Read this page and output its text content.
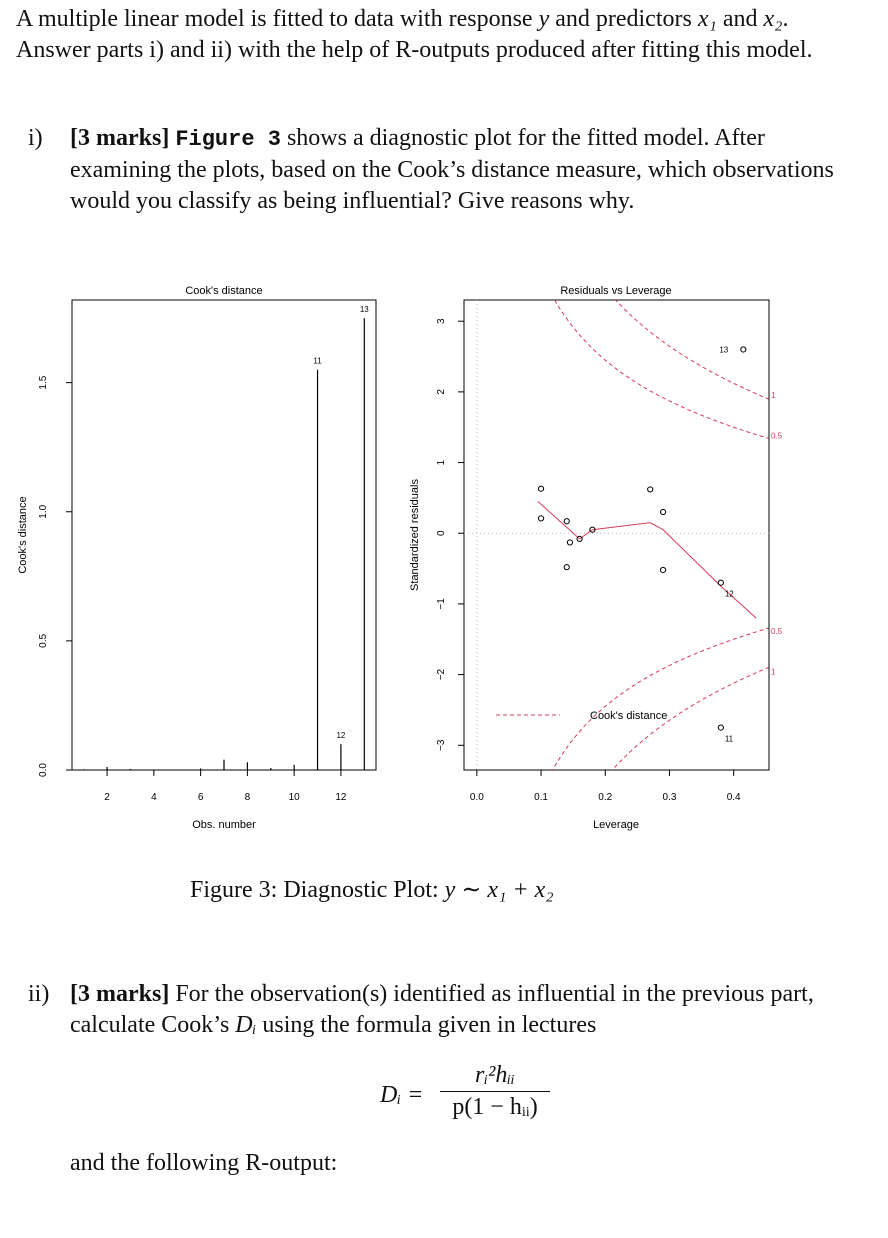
A multiple linear model is fitted to data with response y and predictors x₁ and x₂. Answer parts i) and ii) with the help of R-outputs produced after fitting this model.
i) [3 marks] Figure 3 shows a diagnostic plot for the fitted model. After examining the plots, based on the Cook’s distance measure, which observations would you classify as being influential? Give reasons why.
Cook's distance
Obs. number
Cook's distance
2	4	6	8	10	12
0.0
0.5
1.0
1.5
11
12
13
Residuals vs Leverage
Leverage
Standardized residuals
12
11
13
0.5
0.5
1
1
0.0	0.1	0.2	0.3	0.4
−3
−2
−1
0
1
2
3
Cook's distance
Figure 3: Diagnostic Plot: y ∼ x₁ + x₂
ii) [3 marks] For the observation(s) identified as influential in the previous part, calculate Cook’s Dᵢ using the formula given in lectures
Dᵢ =
rᵢ²hᵢᵢ
p(1 − hᵢᵢ)
and the following R-output:
